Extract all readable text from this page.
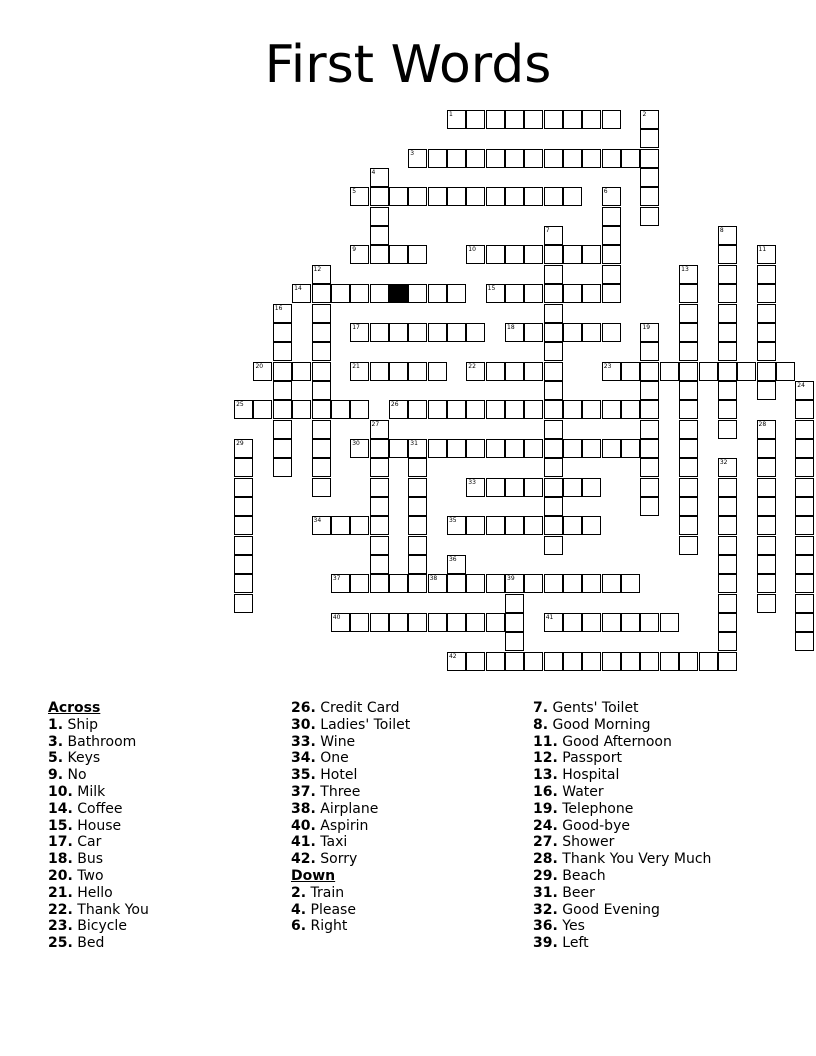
First Words
1	2
3
4
5	6
7	8
9	10	11
12	13
14	15
16
17	18	19
20	21	22	23
24
25	26
27	28
29	30	31
32
33
34	35
36
37	38	39
40	41
42
Across
1. Ship
3. Bathroom
5. Keys
9. No
10. Milk
14. Coffee
15. House
17. Car
18. Bus
20. Two
21. Hello
22. Thank You
23. Bicycle
25. Bed
26. Credit Card
30. Ladies' Toilet
33. Wine
34. One
35. Hotel
37. Three
38. Airplane
40. Aspirin
41. Taxi
42. Sorry
Down
2. Train
4. Please
6. Right
7. Gents' Toilet
8. Good Morning
11. Good Afternoon
12. Passport
13. Hospital
16. Water
19. Telephone
24. Good-bye
27. Shower
28. Thank You Very Much
29. Beach
31. Beer
32. Good Evening
36. Yes
39. Left
